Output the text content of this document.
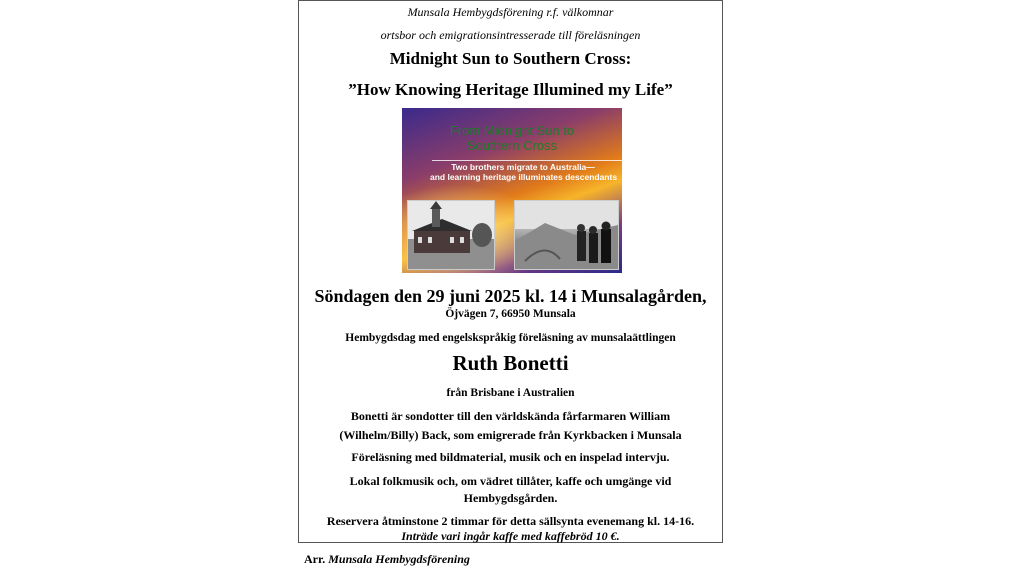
Munsala Hembygdsförening r.f. välkomnar
ortsbor och emigrationsintresserade till föreläsningen
Midnight Sun to Southern Cross:
”How Knowing Heritage Illumined my Life”
From Midnight Sun to
Southern Cross
Two brothers migrate to Australia—
and learning heritage illuminates descendants
Söndagen den 29 juni 2025 kl. 14 i Munsalagården,
Öjvägen 7, 66950 Munsala
Hembygdsdag med engelskspråkig föreläsning av munsalaättlingen
Ruth Bonetti
från Brisbane i Australien
Bonetti är sondotter till den världskända fårfarmaren William
(Wilhelm/Billy) Back, som emigrerade från Kyrkbacken i Munsala
Föreläsning med bildmaterial, musik och en inspelad intervju.
Lokal folkmusik och, om vädret tillåter, kaffe och umgänge vid
Hembygdsgården.
Reservera åtminstone 2 timmar för detta sällsynta evenemang kl. 14-16.
Inträde vari ingår kaffe med kaffebröd 10 €.
Arr. Munsala Hembygdsförening
